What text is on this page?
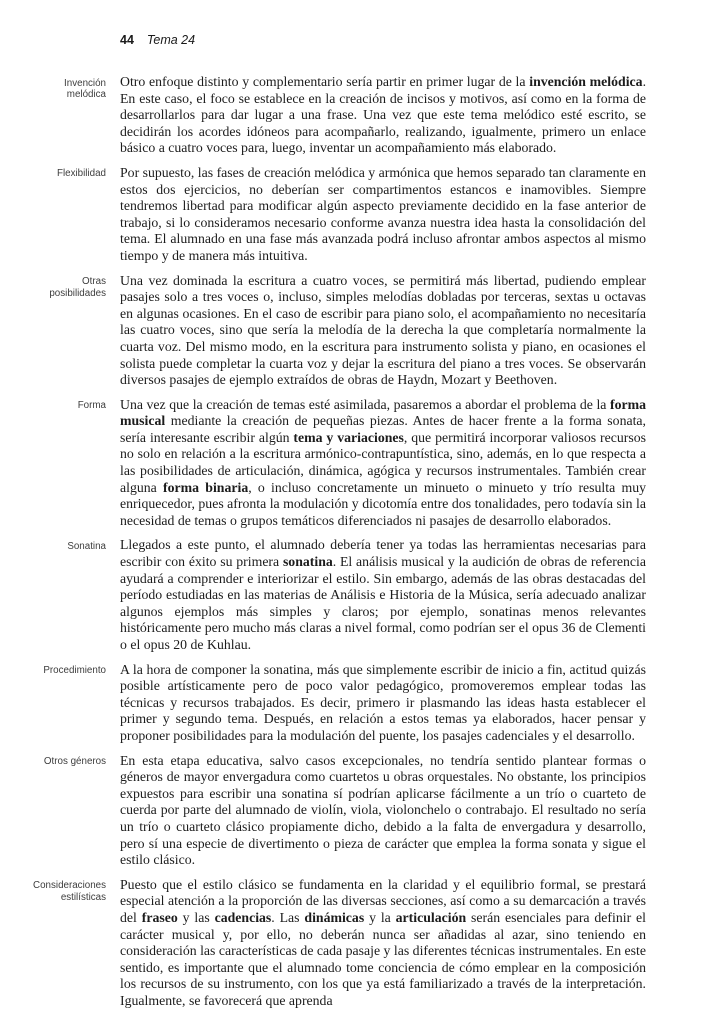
44 Tema 24
Invención melódica

Otro enfoque distinto y complementario sería partir en primer lugar de la invención melódica. En este caso, el foco se establece en la creación de incisos y motivos, así como en la forma de desarrollarlos para dar lugar a una frase. Una vez que este tema melódico esté escrito, se decidirán los acordes idóneos para acompañarlo, realizando, igualmente, primero un enlace básico a cuatro voces para, luego, inventar un acompañamiento más elaborado.

Flexibilidad Por supuesto, las fases de creación melódica y armónica que hemos separado tan claramente en estos dos ejercicios, no deberían ser compartimentos estancos e inamovibles. Siempre tendremos libertad para modificar algún aspecto previamente decidido en la fase anterior de trabajo, si lo consideramos necesario conforme avanza nuestra idea hasta la consolidación del tema. El alumnado en una fase más avanzada podrá incluso afrontar ambos aspectos al mismo tiempo y de manera más intuitiva.

Otras posibilidades

Una vez dominada la escritura a cuatro voces, se permitirá más libertad, pudiendo emplear pasajes solo a tres voces o, incluso, simples melodías dobladas por terceras, sextas u octavas en algunas ocasiones. En el caso de escribir para piano solo, el acompañamiento no necesitaría las cuatro voces, sino que sería la melodía de la derecha la que completaría normalmente la cuarta voz. Del mismo modo, en la escritura para instrumento solista y piano, en ocasiones el solista puede completar la cuarta voz y dejar la escritura del piano a tres voces. Se observarán diversos pasajes de ejemplo extraídos de obras de Haydn, Mozart y Beethoven.

Forma Una vez que la creación de temas esté asimilada, pasaremos a abordar el problema de la forma musical mediante la creación de pequeñas piezas. Antes de hacer frente a la forma sonata, sería interesante escribir algún tema y variaciones, que permitirá incorporar valiosos recursos no solo en relación a la escritura armónico-contrapuntística, sino, además, en lo que respecta a las posibilidades de articulación, dinámica, agógica y recursos instrumentales. También crear alguna forma binaria, o incluso concretamente un minueto o minueto y trío resulta muy enriquecedor, pues afronta la modulación y dicotomía entre dos tonalidades, pero todavía sin la necesidad de temas o grupos temáticos diferenciados ni pasajes de desarrollo elaborados.

Sonatina Llegados a este punto, el alumnado debería tener ya todas las herramientas necesarias para escribir con éxito su primera sonatina. El análisis musical y la audición de obras de referencia ayudará a comprender e interiorizar el estilo. Sin embargo, además de las obras destacadas del período estudiadas en las materias de Análisis e Historia de la Música, sería adecuado analizar algunos ejemplos más simples y claros; por ejemplo, sonatinas menos relevantes históricamente pero mucho más claras a nivel formal, como podrían ser el opus 36 de Clementi o el opus 20 de Kuhlau.

Procedimiento A la hora de componer la sonatina, más que simplemente escribir de inicio a fin, actitud quizás posible artísticamente pero de poco valor pedagógico, promoveremos emplear todas las técnicas y recursos trabajados. Es decir, primero ir plasmando las ideas hasta establecer el primer y segundo tema. Después, en relación a estos temas ya elaborados, hacer pensar y proponer posibilidades para la modulación del puente, los pasajes cadenciales y el desarrollo.

Otros géneros En esta etapa educativa, salvo casos excepcionales, no tendría sentido plantear formas o géneros de mayor envergadura como cuartetos u obras orquestales. No obstante, los principios expuestos para escribir una sonatina sí podrían aplicarse fácilmente a un trío o cuarteto de cuerda por parte del alumnado de violín, viola, violonchelo o contrabajo. El resultado no sería un trío o cuarteto clásico propiamente dicho, debido a la falta de envergadura y desarrollo, pero sí una especie de divertimento o pieza de carácter que emplea la forma sonata y sigue el estilo clásico.

Consideraciones estilísticas

Puesto que el estilo clásico se fundamenta en la claridad y el equilibrio formal, se prestará especial atención a la proporción de las diversas secciones, así como a su demarcación a través del fraseo y las cadencias. Las dinámicas y la articulación serán esenciales para definir el carácter musical y, por ello, no deberán nunca ser añadidas al azar, sino teniendo en consideración las características de cada pasaje y las diferentes técnicas instrumentales. En este sentido, es importante que el alumnado tome conciencia de cómo emplear en la composición los recursos de su instrumento, con los que ya está familiarizado a través de la interpretación. Igualmente, se favorecerá que aprenda
